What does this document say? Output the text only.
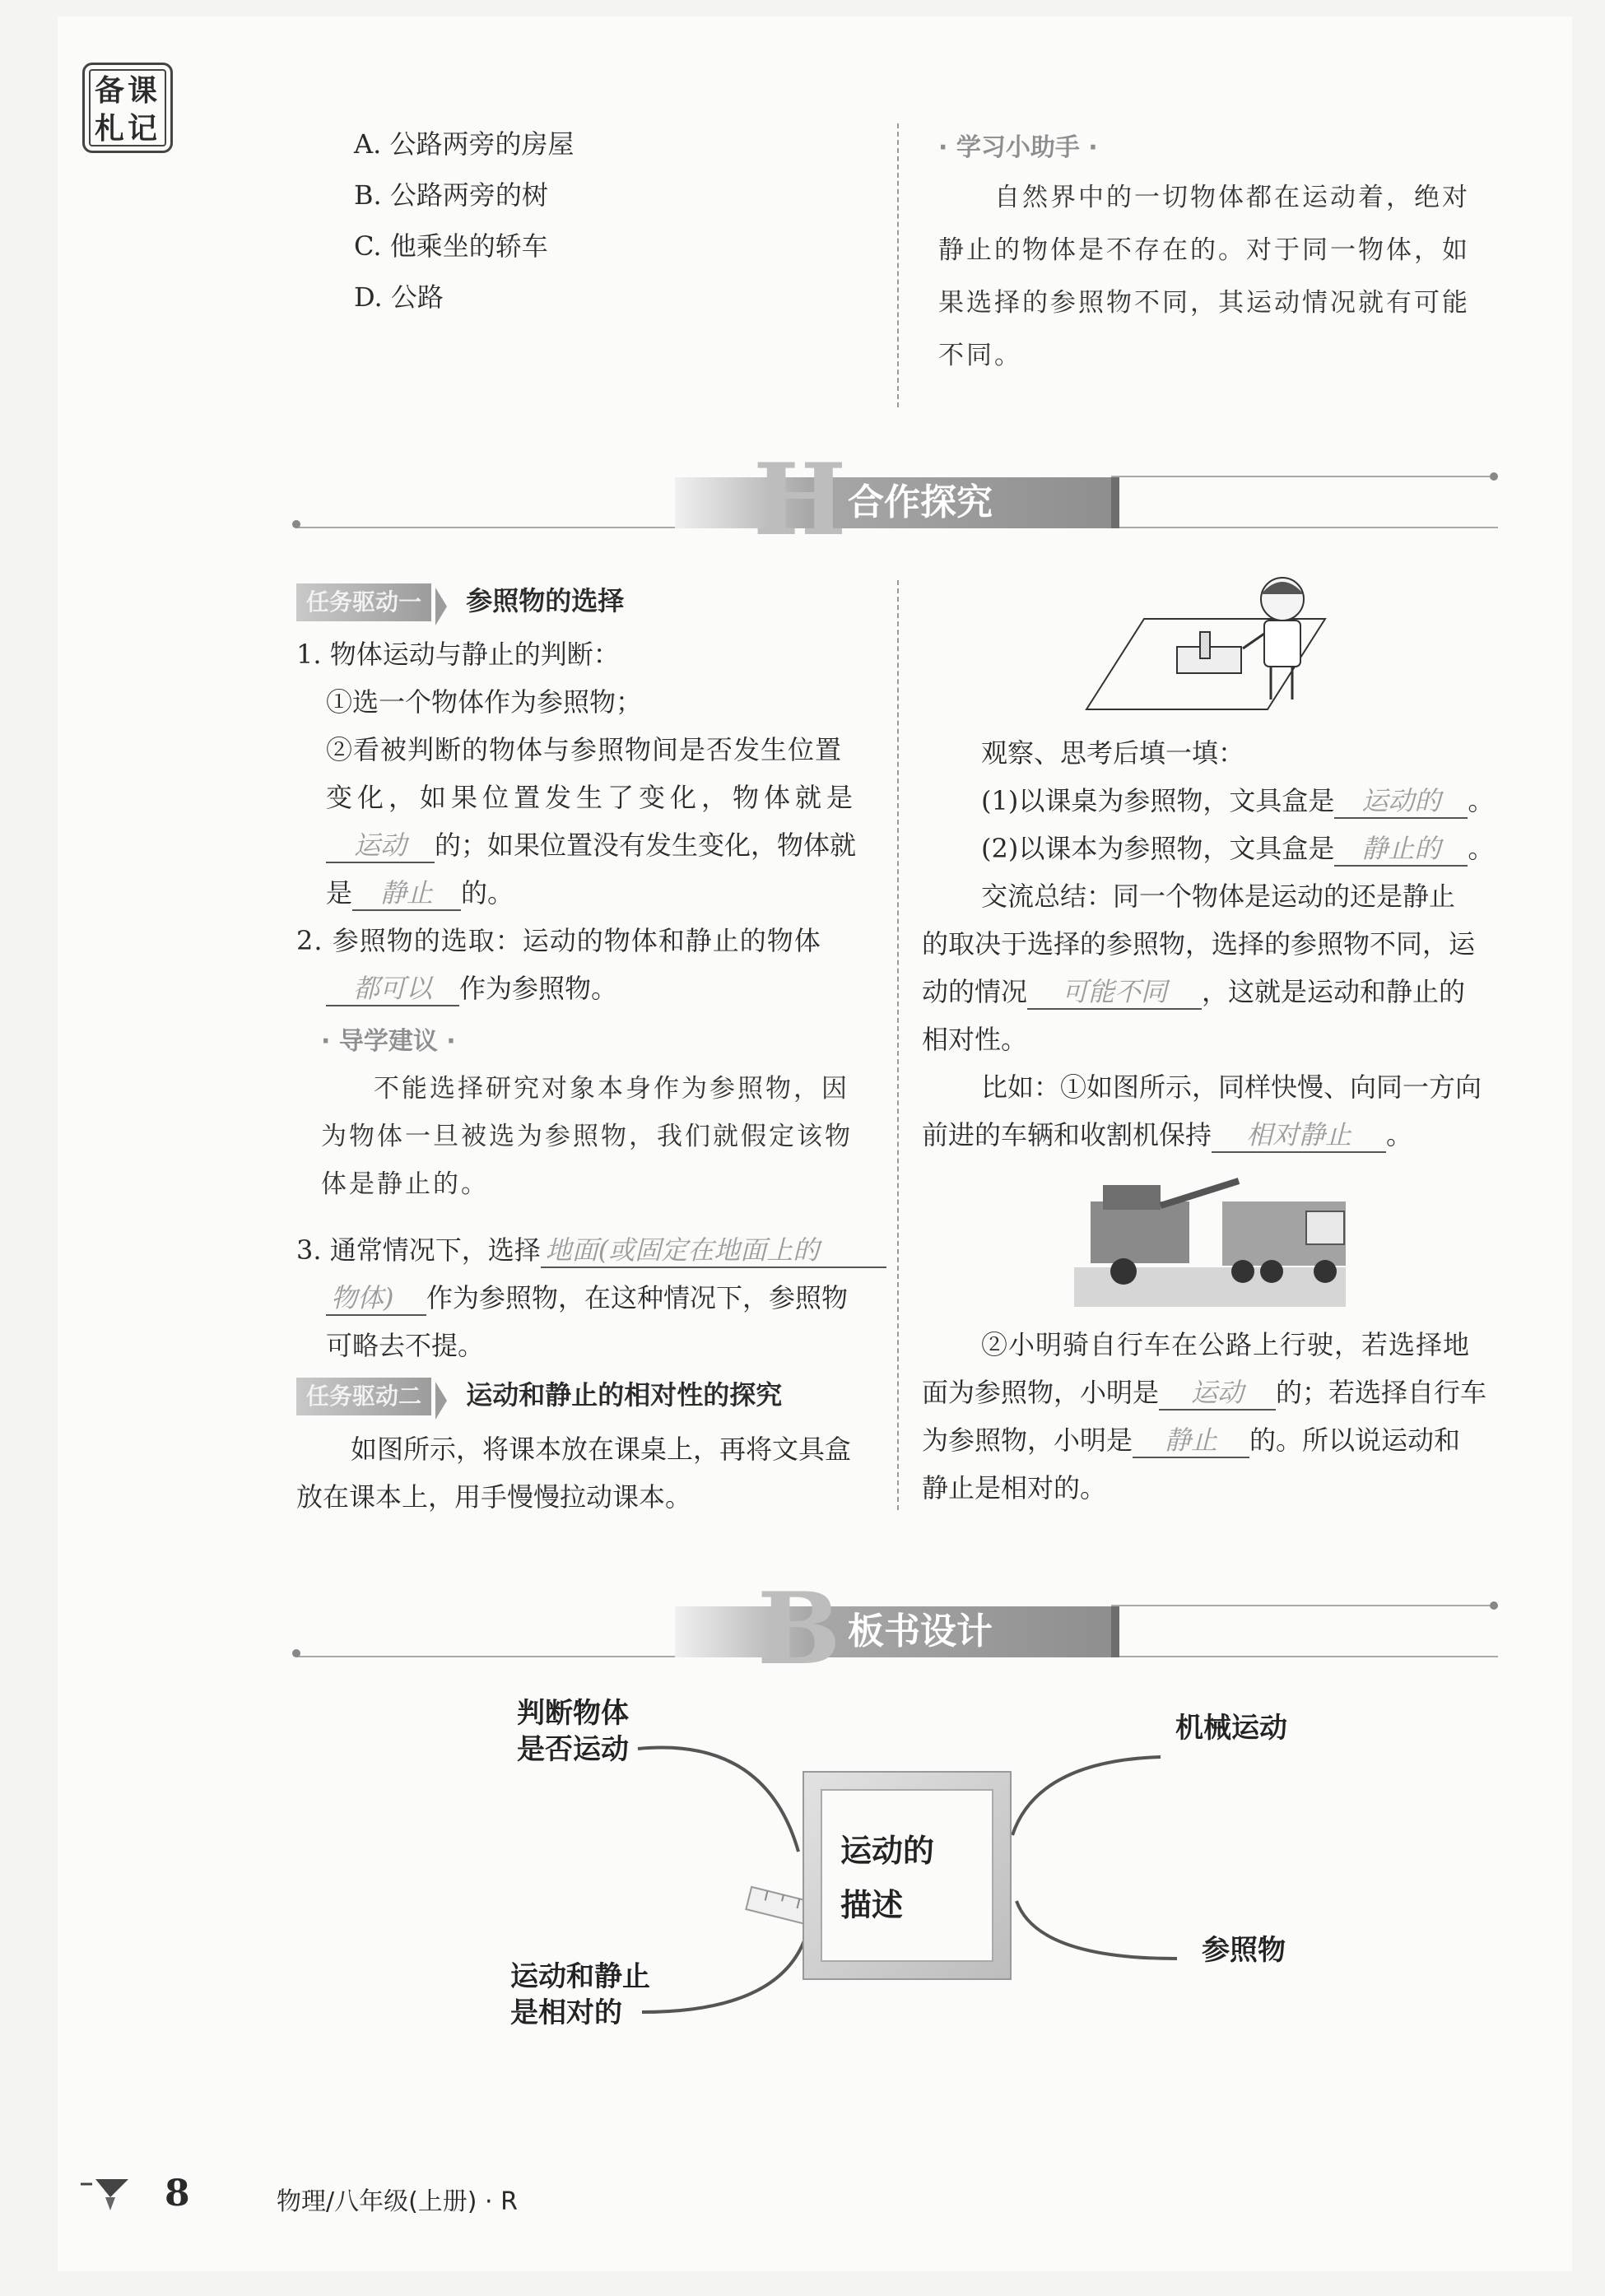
备课
札记	A. 公路两旁的房屋
B. 公路两旁的树
C. 他乘坐的轿车
D. 公路
· 学习小助手 ·
自然界中的一切物体都在运动着，绝对
静止的物体是不存在的。对于同一物体，如
果选择的参照物不同，其运动情况就有可能
不同。
合作探究
H
任务驱动一 参照物的选择
1. 物体运动与静止的判断：
①选一个物体作为参照物；
②看被判断的物体与参照物间是否发生位置
变化，如果位置发生了变化，物体就是
运动 的；如果位置没有发生变化，物体就
是 静止 的。
2. 参照物的选取：运动的物体和静止的物体
都可以 作为参照物。
· 导学建议 ·
不能选择研究对象本身作为参照物，因
为物体一旦被选为参照物，我们就假定该物
体是静止的。
3. 通常情况下，选择 地面(或固定在地面上的
物体) 作为参照物，在这种情况下，参照物
可略去不提。
任务驱动二 运动和静止的相对性的探究
如图所示，将课本放在课桌上，再将文具盒
放在课本上，用手慢慢拉动课本。
观察、思考后填一填：
(1)以课桌为参照物，文具盒是 运动的 。
(2)以课本为参照物，文具盒是 静止的 。
交流总结：同一个物体是运动的还是静止
的取决于选择的参照物，选择的参照物不同，运
动的情况 可能不同 ，这就是运动和静止的
相对性。
比如：①如图所示，同样快慢、向同一方向
前进的车辆和收割机保持 相对静止 。
②小明骑自行车在公路上行驶，若选择地
面为参照物，小明是 运动 的；若选择自行车
为参照物，小明是 静止 的。所以说运动和
静止是相对的。
板书设计
B
运动的
描述
判断物体
是否运动
机械运动
运动和静止
是相对的
参照物
8	物理/八年级(上册) · R
